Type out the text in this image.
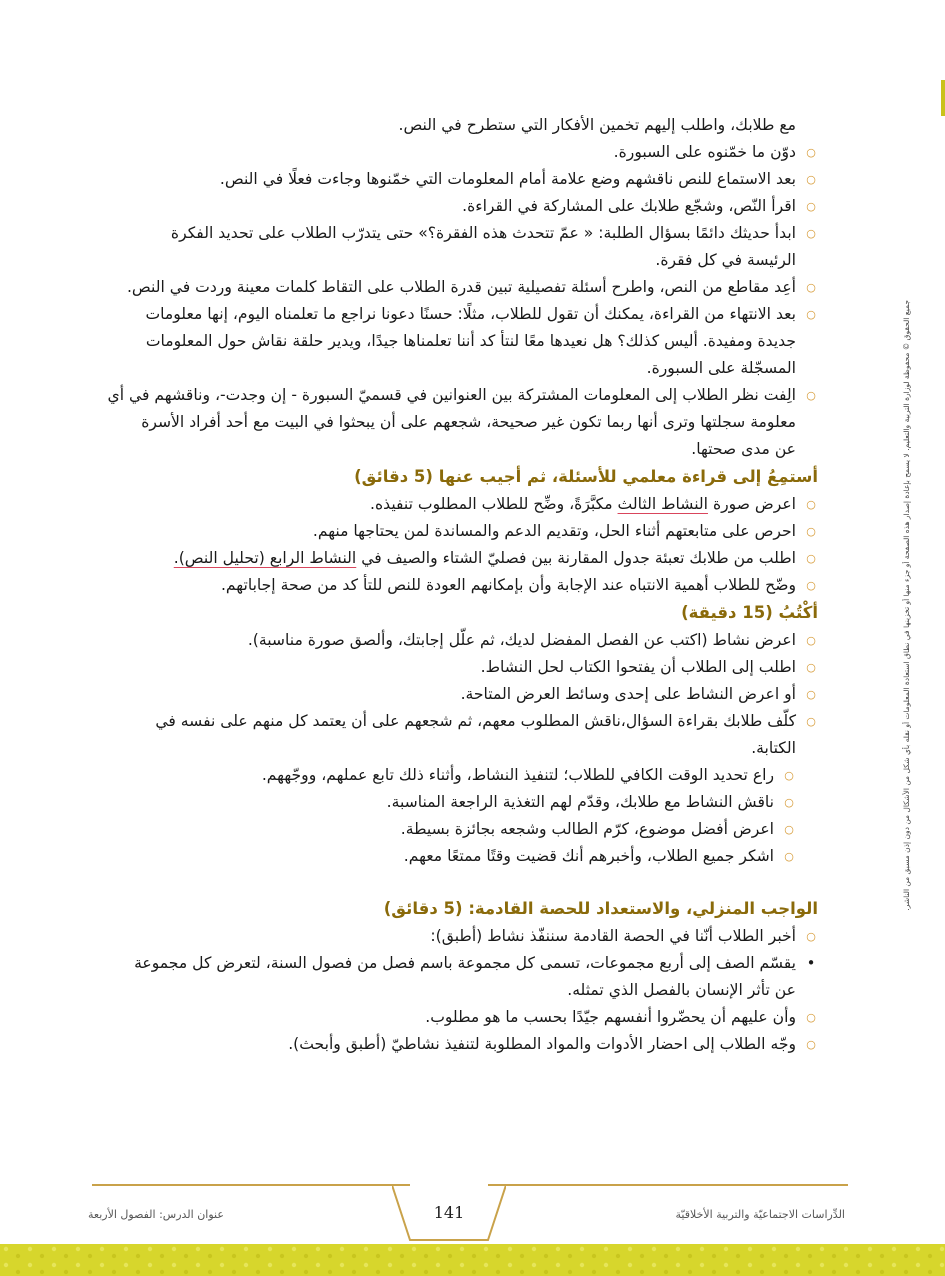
جميع الحقوق © محفوظة لوزارة التربية والتعليم. لا يسمح بإعادة إصدار هذه الصفحة أو جزء منها أو تخزينها في نطاق استعادة المعلومات أو نقله بأي شكل من الأشكال من دون إذن مسبق من الناشر.

مع طلابك، واطلب إليهم تخمين الأفكار التي ستطرح في النص.

○
دوّن ما خمّنوه على السبورة.

○
بعد الاستماع للنص ناقشهم وضع علامة أمام المعلومات التي خمّنوها وجاءت فعلًا في النص.

○
اقرأ النّص، وشجّع طلابك على المشاركة في القراءة.

○
ابدأ حديثك دائمًا بسؤال الطلبة: « عمّ تتحدث هذه الفقرة؟» حتى يتدرّب الطلاب على تحديد الفكرة

الرئيسة في كل فقرة.

○
أعِد مقاطع من النص، واطرح أسئلة تفصيلية تبين قدرة الطلاب على التقاط كلمات معينة وردت في النص.

○
بعد الانتهاء من القراءة، يمكنك أن تقول للطلاب، مثلًا: حسنًا دعونا نراجع ما تعلمناه اليوم، إنها معلومات

جديدة ومفيدة. أليس كذلك؟ هل نعيدها معًا لنتأ كد أننا تعلمناها جيدًا، ويدير حلقة نقاش حول المعلومات

المسجّلة على السبورة.

○
الِفت نظر الطلاب إلى المعلومات المشتركة بين العنوانين في قسميّ السبورة - إن وجدت-، وناقشهم في أي

معلومة سجلتها وترى أنها ربما تكون غير صحيحة، شجعهم على أن يبحثوا في البيت مع أحد أفراد الأسرة

عن مدى صحتها.

أستمِعُ إلى قراءة معلمي للأسئلة، ثم أجيب عنها (5 دقائق)

○
اعرض صورة النشاط الثالث مكبَّرَةً، وضِّح للطلاب المطلوب تنفيذه.

○
احرص على متابعتهم أثناء الحل، وتقديم الدعم والمساندة لمن يحتاجها منهم.

○
اطلب من طلابك تعبئة جدول المقارنة بين فصليّ الشتاء والصيف في النشاط الرابع (تحليل النص).

○
وضّح للطلاب أهمية الانتباه عند الإجابة وأن بإمكانهم العودة للنص للتأ كد من صحة إجاباتهم.

أكْتُبُ (15 دقيقة)

○
اعرض نشاط (اكتب عن الفصل المفضل لديك، ثم علّل إجابتك، وألصق صورة مناسبة).

○
اطلب إلى الطلاب أن يفتحوا الكتاب لحل النشاط.

○
أو اعرض النشاط على إحدى وسائط العرض المتاحة.

○
كلّف طلابك بقراءة السؤال،ناقش المطلوب معهم، ثم شجعهم على أن يعتمد كل منهم على نفسه في

الكتابة.

○
راع تحديد الوقت الكافي للطلاب؛ لتنفيذ النشاط، وأثناء ذلك تابع عملهم، ووجّههم.

○
ناقش النشاط مع طلابك، وقدّم لهم التغذية الراجعة المناسبة.

○
اعرض أفضل موضوع، كرّم الطالب وشجعه بجائزة بسيطة.

○
اشكر جميع الطلاب، وأخبرهم أنك قضيت وقتًا ممتعًا معهم.

الواجب المنزلي، والاستعداد للحصة القادمة: (5 دقائق)

○
أخبر الطلاب أنّنا في الحصة القادمة سننفّذ نشاط (أطبق):

•
يقسّم الصف إلى أربع مجموعات، تسمى كل مجموعة باسم فصل من فصول السنة، لتعرض كل مجموعة

عن تأثر الإنسان بالفصل الذي تمثله.

○
وأن عليهم أن يحضّروا أنفسهم جيّدًا بحسب ما هو مطلوب.

○
وجّه الطلاب إلى احضار الأدوات والمواد المطلوبة لتنفيذ نشاطيّ (أطبق وأبحث).

141	الدِّراسات الاجتماعيّة والتربية الأخلاقيّة
عنوان الدرس: الفصول الأربعة
